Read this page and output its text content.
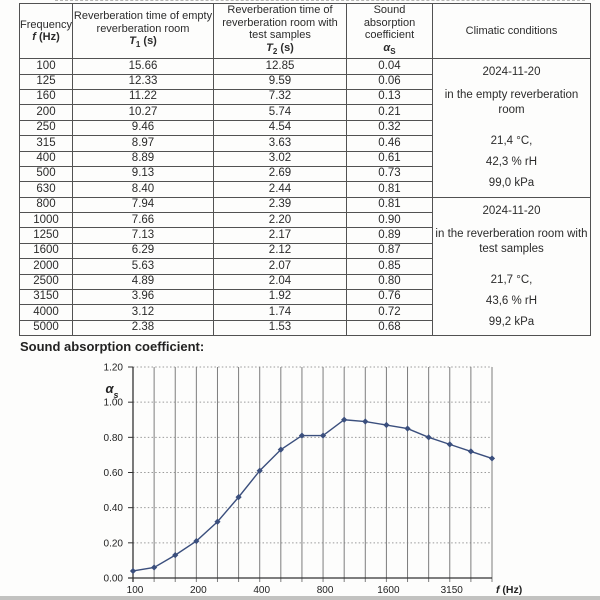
Frequency
f (Hz)

Reverberation time of empty reverberation room
$T_1$ (s)

Reverberation time of reverberation room with test samples
$T_2$ (s)

Sound absorption coefficient
$\alpha_S$

Climatic conditions

100	15.66	12.85	0.04	2024-11-20
in the empty reverberation room
21,4 °C,
42,3 % rH
99,0 kPa

125	12.33	9.59	0.06	
160	11.22	7.32	0.13	
200	10.27	5.74	0.21	
250	9.46	4.54	0.32	
315	8.97	3.63	0.46	
400	8.89	3.02	0.61	
500	9.13	2.69	0.73	
630	8.40	2.44	0.81	
800	7.94	2.39	0.81	2024-11-20
in the reverberation room with test samples
21,7 °C,
43,6 % rH
99,2 kPa

1000	7.66	2.20	0.90	
1250	7.13	2.17	0.89	
1600	6.29	2.12	0.87	
2000	5.63	2.07	0.85	
2500	4.89	2.04	0.80	
3150	3.96	1.92	0.76	
4000	3.12	1.74	0.72	
5000	2.38	1.53	0.68	
Sound absorption coefficient:
0.00
0.20
0.40
0.60
0.80
1.00
1.20
$\alpha_s$
100	200	400	800	1600	3150	f (Hz)
